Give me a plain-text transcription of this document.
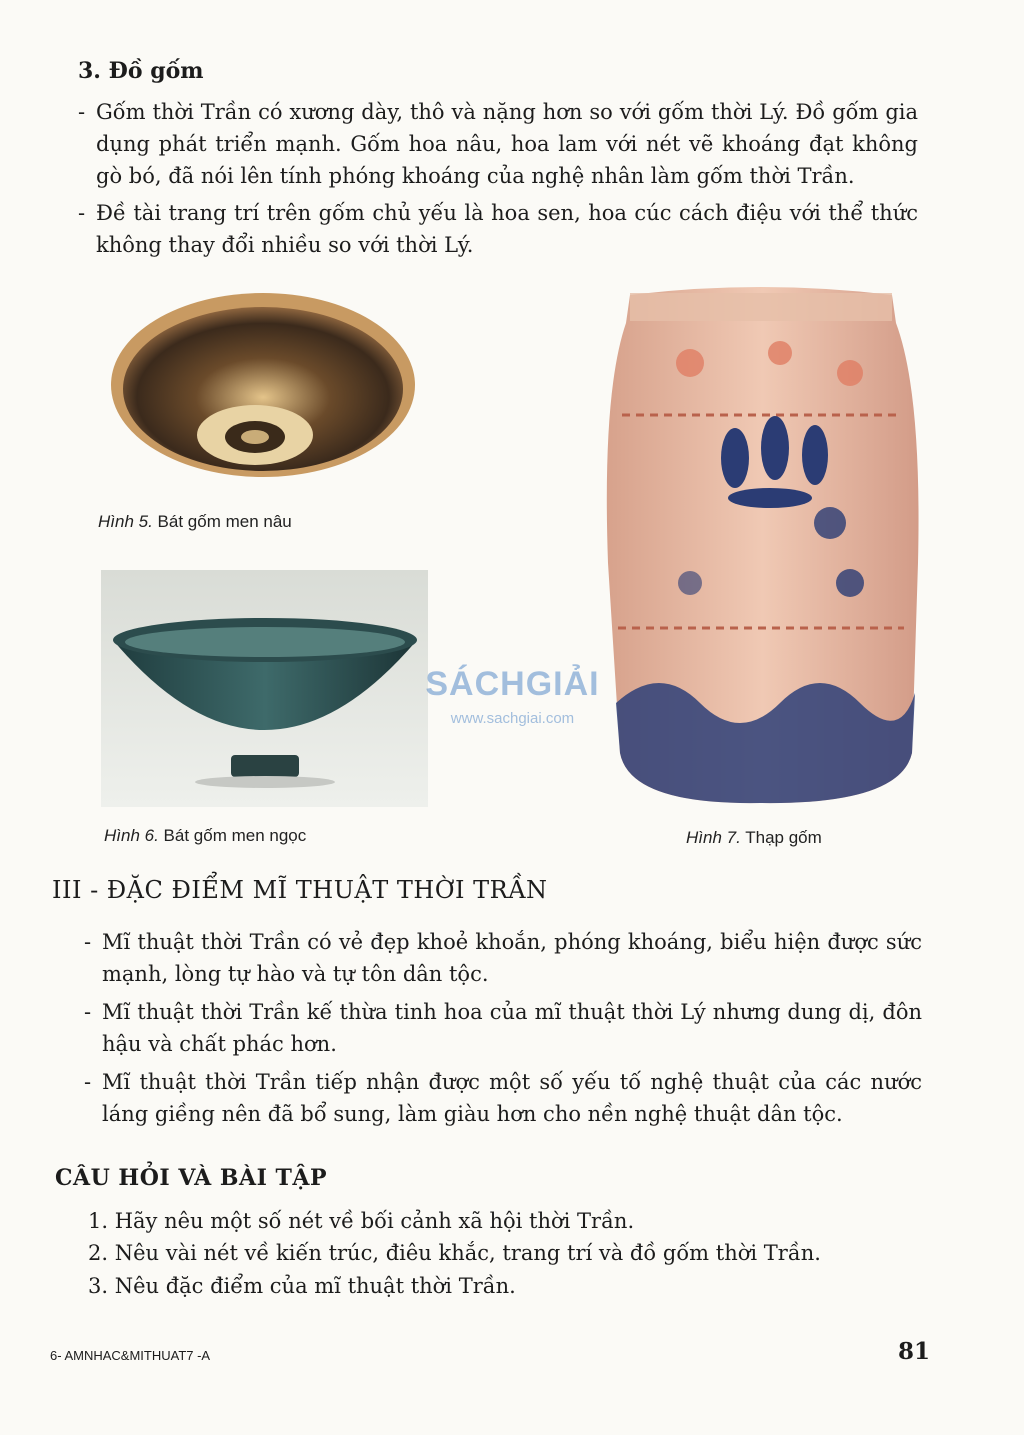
3. Đồ gốm
- Gốm thời Trần có xương dày, thô và nặng hơn so với gốm thời Lý. Đồ gốm gia dụng phát triển mạnh. Gốm hoa nâu, hoa lam với nét vẽ khoáng đạt không gò bó, đã nói lên tính phóng khoáng của nghệ nhân làm gốm thời Trần.
- Đề tài trang trí trên gốm chủ yếu là hoa sen, hoa cúc cách điệu với thể thức không thay đổi nhiều so với thời Lý.
Hình 5. Bát gốm men nâu
Hình 6. Bát gốm men ngọc	Hình 7. Thạp gốm
SÁCHGIẢI
www.sachgiai.com
III - ĐẶC ĐIỂM MĨ THUẬT THỜI TRẦN
- Mĩ thuật thời Trần có vẻ đẹp khoẻ khoắn, phóng khoáng, biểu hiện được sức mạnh, lòng tự hào và tự tôn dân tộc.
- Mĩ thuật thời Trần kế thừa tinh hoa của mĩ thuật thời Lý nhưng dung dị, đôn hậu và chất phác hơn.
- Mĩ thuật thời Trần tiếp nhận được một số yếu tố nghệ thuật của các nước láng giềng nên đã bổ sung, làm giàu hơn cho nền nghệ thuật dân tộc.
CÂU HỎI VÀ BÀI TẬP
1. Hãy nêu một số nét về bối cảnh xã hội thời Trần.
2. Nêu vài nét về kiến trúc, điêu khắc, trang trí và đồ gốm thời Trần.
3. Nêu đặc điểm của mĩ thuật thời Trần.
6- AMNHAC&MITHUAT7 -A	81
